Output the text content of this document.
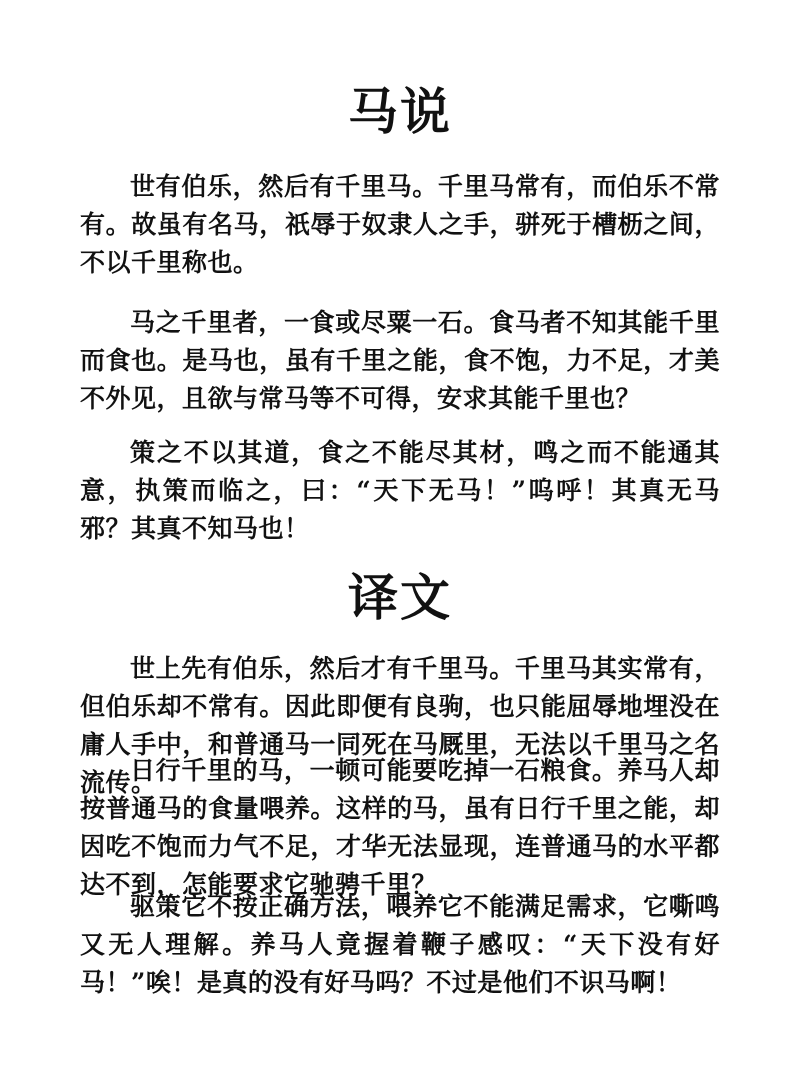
马说
世有伯乐，然后有千里马。千里马常有，而伯乐不常有。故虽有名马，祇辱于奴隶人之手，骈死于槽枥之间，不以千里称也。
马之千里者，一食或尽粟一石。食马者不知其能千里而食也。是马也，虽有千里之能，食不饱，力不足，才美不外见，且欲与常马等不可得，安求其能千里也？
策之不以其道，食之不能尽其材，鸣之而不能通其意，执策而临之，曰：“天下无马！”呜呼！其真无马邪？其真不知马也！
译文
世上先有伯乐，然后才有千里马。千里马其实常有，但伯乐却不常有。因此即便有良驹，也只能屈辱地埋没在庸人手中，和普通马一同死在马厩里，无法以千里马之名流传。
日行千里的马，一顿可能要吃掉一石粮食。养马人却按普通马的食量喂养。这样的马，虽有日行千里之能，却因吃不饱而力气不足，才华无法显现，连普通马的水平都达不到，怎能要求它驰骋千里？
驱策它不按正确方法，喂养它不能满足需求，它嘶鸣又无人理解。养马人竟握着鞭子感叹：“天下没有好马！”唉！是真的没有好马吗？不过是他们不识马啊！
